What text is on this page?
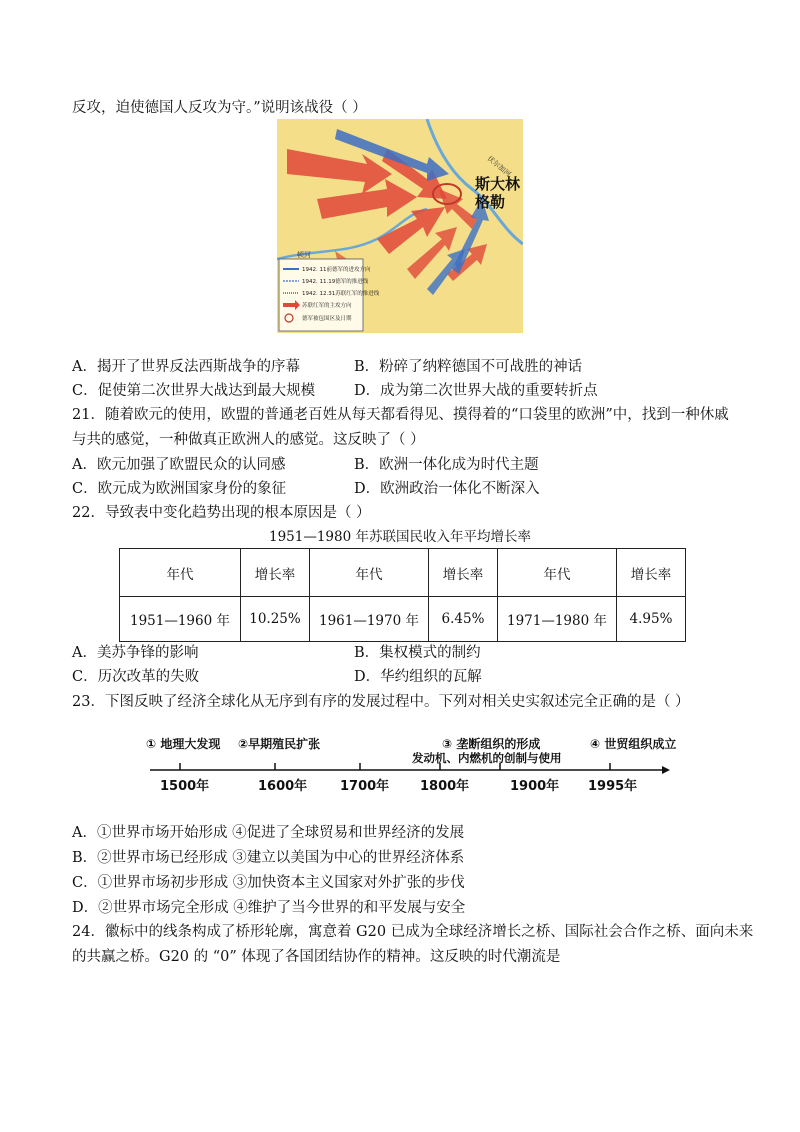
反攻，迫使德国人反攻为守。”说明该战役（ ）
斯大林
格勒
顿河
伏尔加河
1942. 11前德军的进攻方向
1942. 11.19德军的推进线
1942. 12.31苏联红军的推进线
苏联红军的主攻方向
德军被包围区及日期
A．揭开了世界反法西斯战争的序幕	B．粉碎了纳粹德国不可战胜的神话
C．促使第二次世界大战达到最大规模	D．成为第二次世界大战的重要转折点
21．随着欧元的使用，欧盟的普通老百姓从每天都看得见、摸得着的“口袋里的欧洲”中，找到一种休戚
与共的感觉，一种做真正欧洲人的感觉。这反映了（ ）
A．欧元加强了欧盟民众的认同感	B．欧洲一体化成为时代主题
C．欧元成为欧洲国家身份的象征	D．欧洲政治一体化不断深入
22．导致表中变化趋势出现的根本原因是（ ）
1951—1980 年苏联国民收入年平均增长率
年代	增长率	年代	增长率	年代	增长率
1951—1960 年	10.25%	1961—1970 年	6.45%	1971—1980 年	4.95%
A．美苏争锋的影响	B．集权模式的制约
C．历次改革的失败	D．华约组织的瓦解
23．下图反映了经济全球化从无序到有序的发展过程中。下列对相关史实叙述完全正确的是（ ）
① 地理大发现 ②早期殖民扩张	③ 垄断组织的形成	④ 世贸组织成立
发动机、内燃机的创制与使用
1500年	1600年	1700年 1800年	1900年 1995年
A．①世界市场开始形成 ④促进了全球贸易和世界经济的发展
B．②世界市场已经形成 ③建立以美国为中心的世界经济体系
C．①世界市场初步形成 ③加快资本主义国家对外扩张的步伐
D．②世界市场完全形成 ④维护了当今世界的和平发展与安全
24．徽标中的线条构成了桥形轮廓，寓意着 G20 已成为全球经济增长之桥、国际社会合作之桥、面向未来
的共赢之桥。G20 的 “0” 体现了各国团结协作的精神。这反映的时代潮流是
